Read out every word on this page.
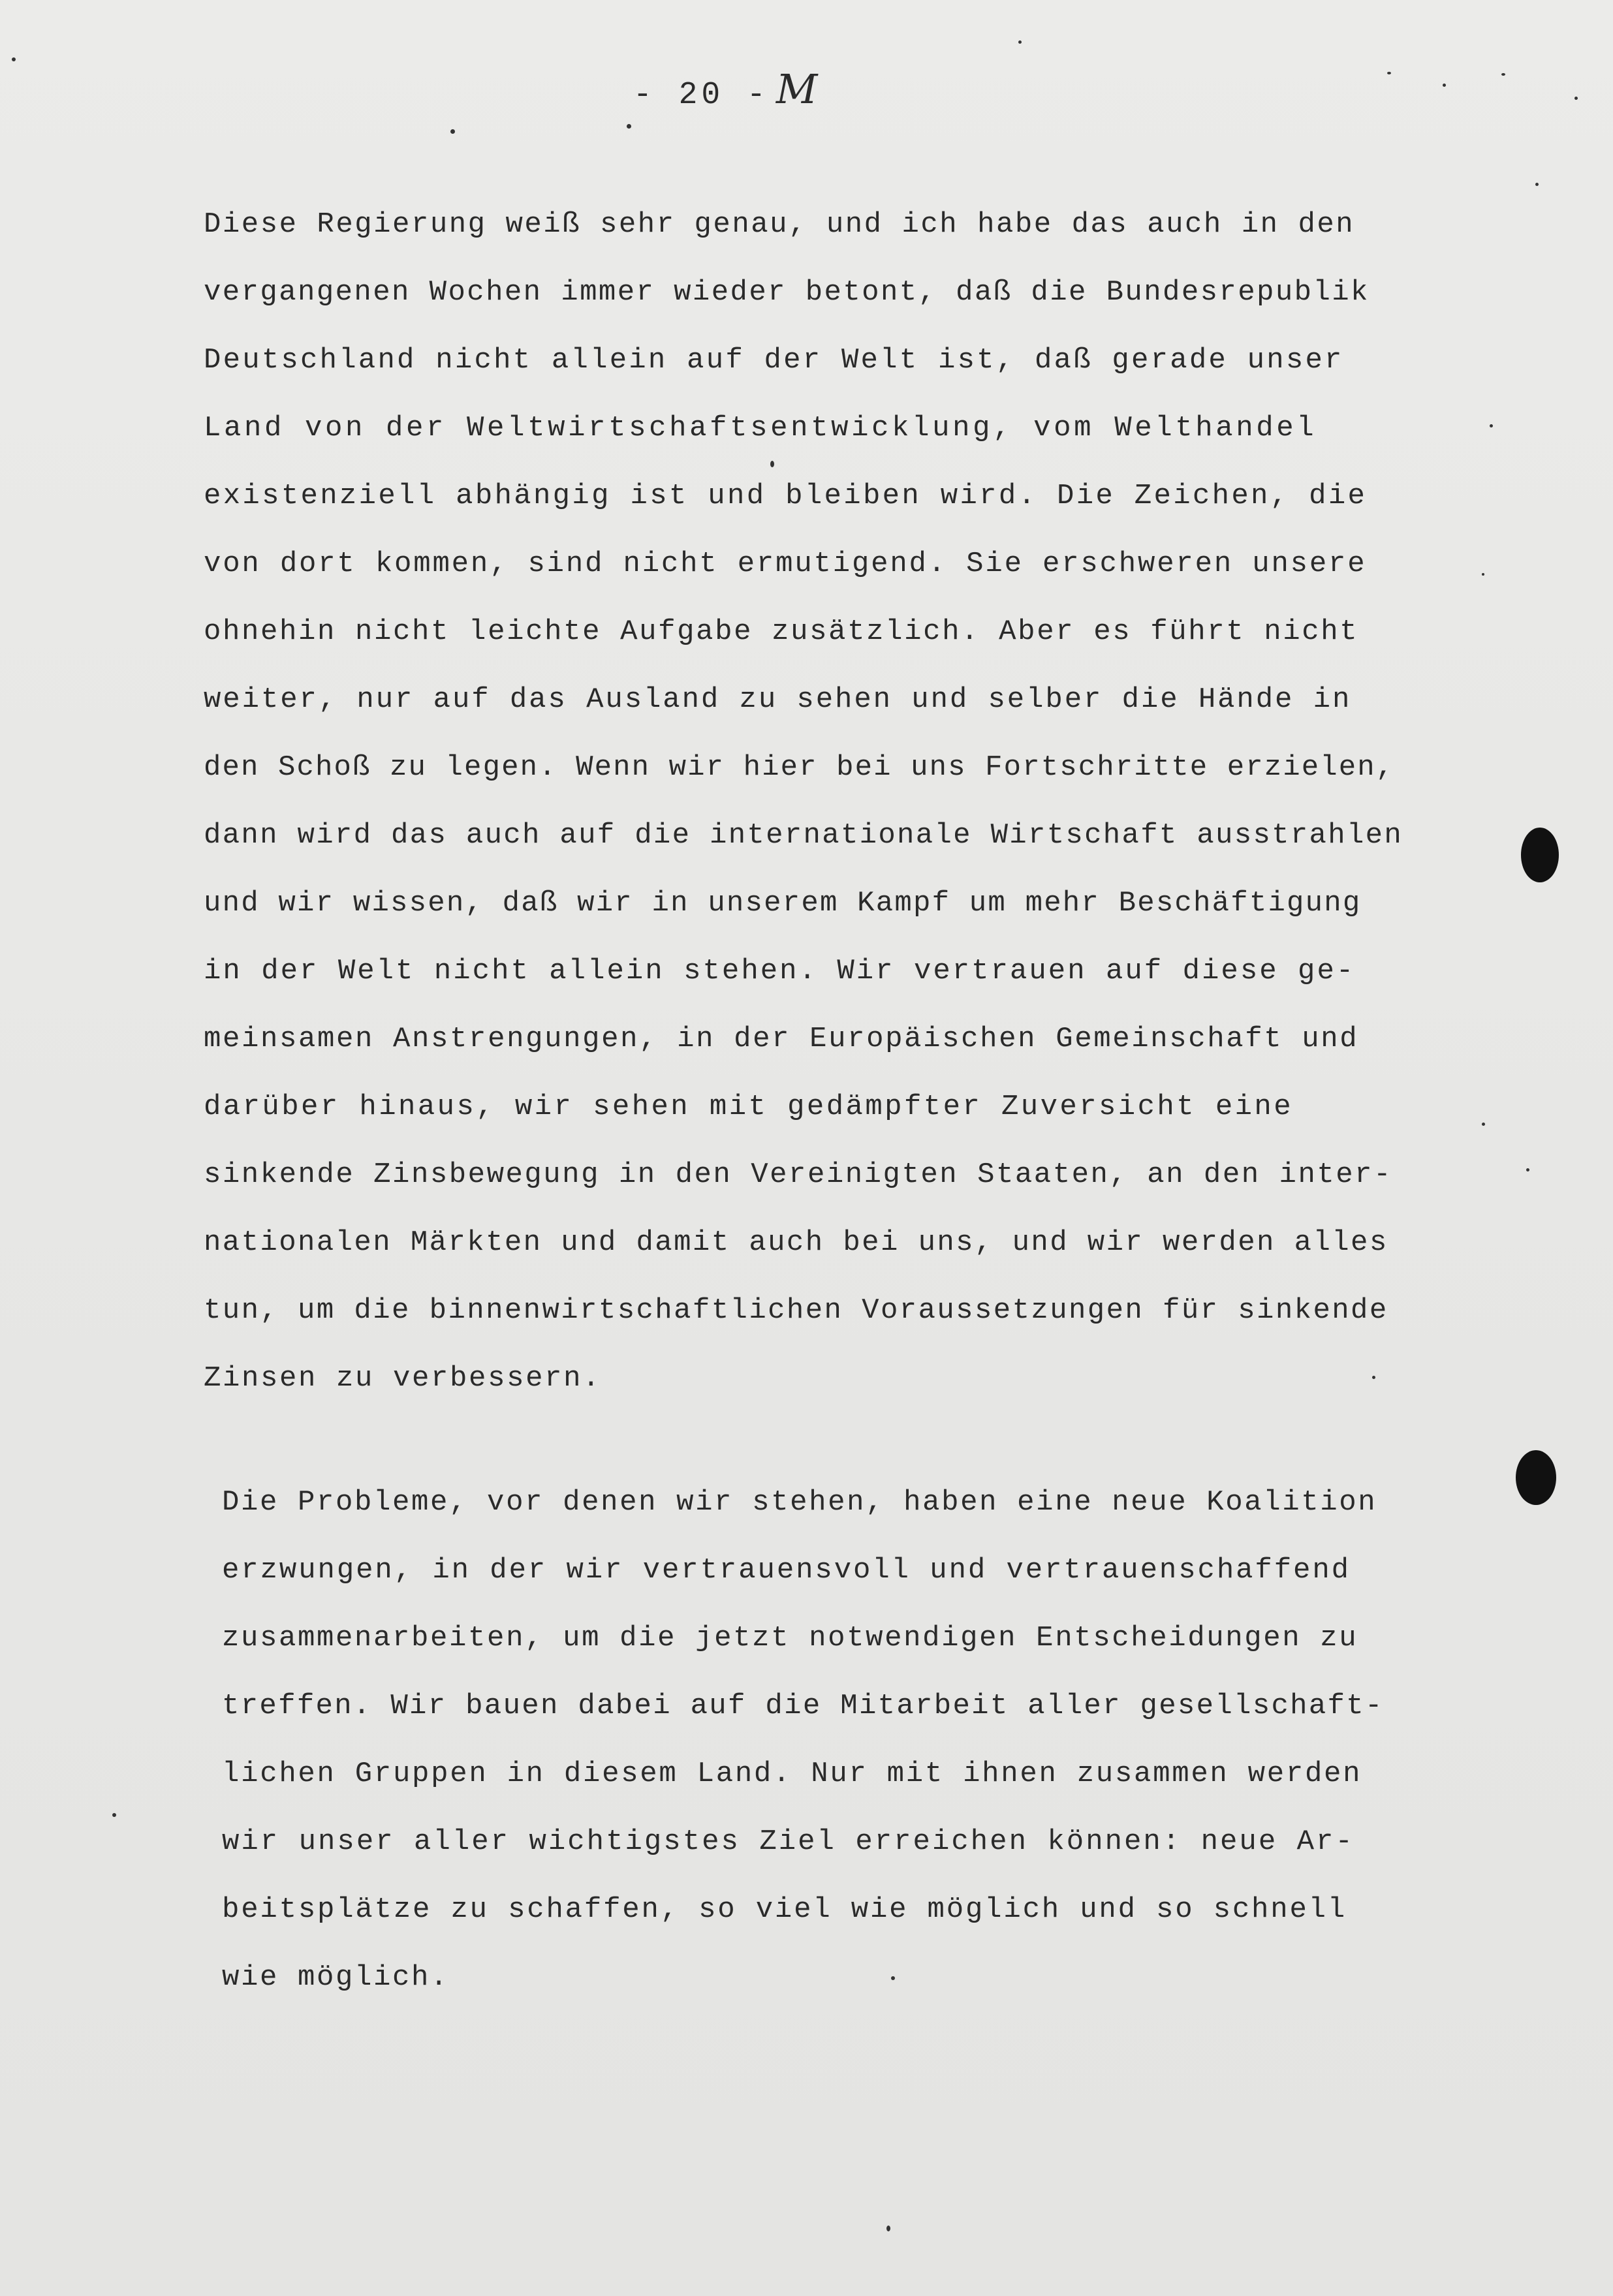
- 20 - M
Diese Regierung weiß sehr genau, und ich habe das auch in den
vergangenen Wochen immer wieder betont, daß die Bundesrepublik
Deutschland nicht allein auf der Welt ist, daß gerade unser
Land von der Weltwirtschaftsentwicklung, vom Welthandel
existenziell abhängig ist und bleiben wird. Die Zeichen, die
von dort kommen, sind nicht ermutigend. Sie erschweren unsere
ohnehin nicht leichte Aufgabe zusätzlich. Aber es führt nicht
weiter, nur auf das Ausland zu sehen und selber die Hände in
den Schoß zu legen. Wenn wir hier bei uns Fortschritte erzielen,
dann wird das auch auf die internationale Wirtschaft ausstrahlen
und wir wissen, daß wir in unserem Kampf um mehr Beschäftigung
in der Welt nicht allein stehen. Wir vertrauen auf diese ge-
meinsamen Anstrengungen, in der Europäischen Gemeinschaft und
darüber hinaus, wir sehen mit gedämpfter Zuversicht eine
sinkende Zinsbewegung in den Vereinigten Staaten, an den inter-
nationalen Märkten und damit auch bei uns, und wir werden alles
tun, um die binnenwirtschaftlichen Voraussetzungen für sinkende
Zinsen zu verbessern.
Die Probleme, vor denen wir stehen, haben eine neue Koalition
erzwungen, in der wir vertrauensvoll und vertrauenschaffend
zusammenarbeiten, um die jetzt notwendigen Entscheidungen zu
treffen. Wir bauen dabei auf die Mitarbeit aller gesellschaft-
lichen Gruppen in diesem Land. Nur mit ihnen zusammen werden
wir unser aller wichtigstes Ziel erreichen können: neue Ar-
beitsplätze zu schaffen, so viel wie möglich und so schnell
wie möglich.
